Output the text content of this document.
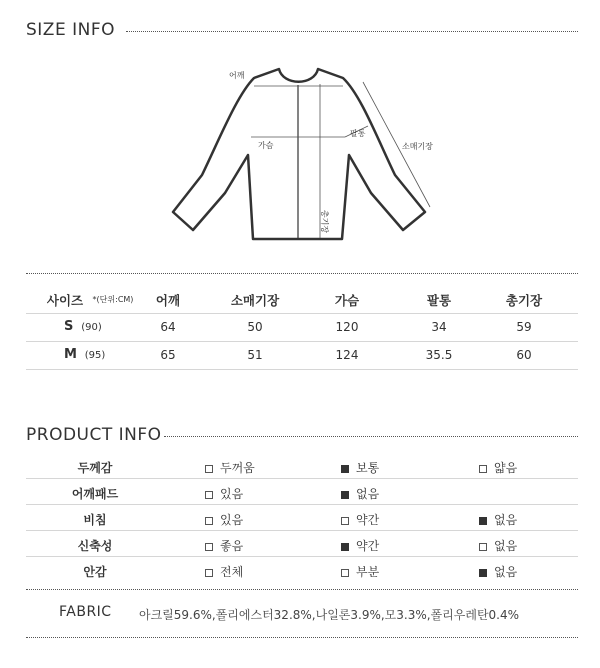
SIZE INFO
어깨
가슴
팔통
소매기장
총기장
사이즈	*(단위:CM)	어깨	소매기장	가슴	팔통	총기장
S (90)	64	50	120	34	59
M (95)	65	51	124	35.5	60
PRODUCT INFO
두께감	두꺼움	보통	얇음
어깨패드	있음	없음
비침	있음	약간	없음
신축성	좋음	약간	없음
안감	전체	부분	없음
FABRIC 아크릴59.6%,폴리에스터32.8%,나일론3.9%,모3.3%,폴리우레탄0.4%
